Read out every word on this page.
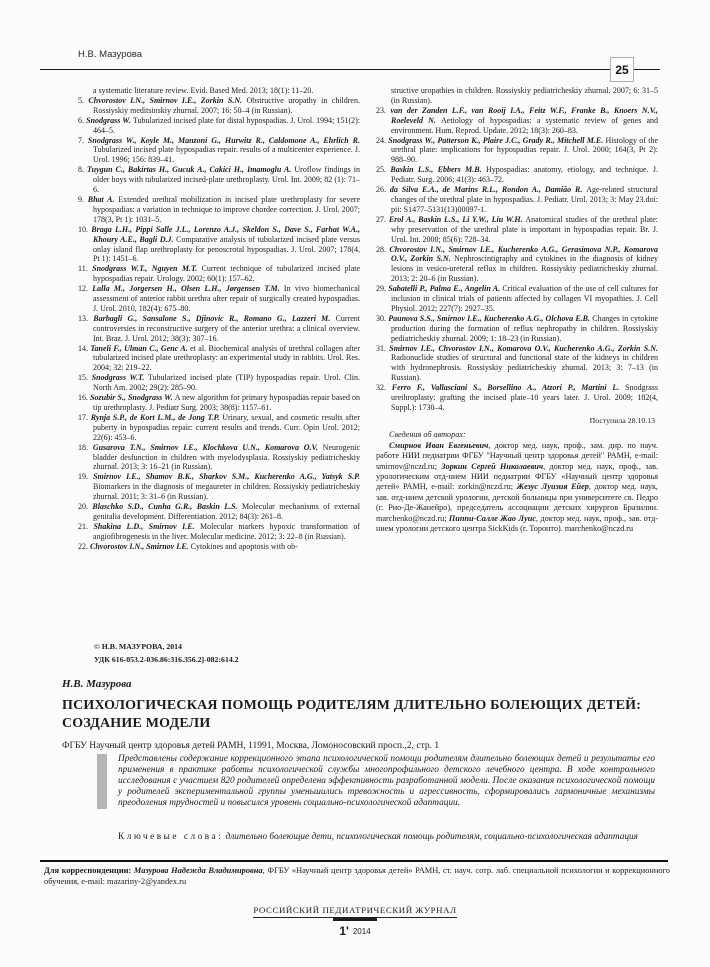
Н.В. Мазурова
25
a systematic literature review. Evid. Based Med. 2013; 18(1): 11–20.
5. Chvorostov I.N., Smirnov I.E., Zorkin S.N. Obstructive uropathy in children. Rossiyskiy meditsinskiy zhurnal. 2007; 16: 50–4 (in Russian).
6. Snodgrass W. Tubularized incised plate for distal hypospadias. J. Urol. 1994; 151(2): 464–5.
7. Snodgrass W., Koyle M., Manzoni G., Hurwitz R., Caldomone A., Ehrlich R. Tubularized incised plate hypospadias repair. results of a multicenter experience. J. Urol. 1996; 156: 839–41.
8. Tuygun C., Bakirtas H., Gucuk A., Cakici H., Imamoglu A. Uroflow findings in older boys with tubularized incised-plate urethroplasty. Urol. Int. 2009; 82 (1): 71–6.
9. Bhat A. Extended urethral mobilization in incised plate urethroplasty for severe hypospadias: a variation in technique to improve chordee correction. J. Urol. 2007; 178(3, Pt 1): 1031–5.
10. Braga L.H., Pippi Salle J.L., Lorenzo A.J., Skeldon S., Dave S., Farhat W.A., Khoury A.E., Bagli D.J. Comparative analysis of tubularized incised plate versus onlay island flap urethroplasty for penoscrotal hypospadias. J. Urol. 2007; 178(4, Pt 1): 1451–6.
11. Snodgrass W.T., Nguyen M.T. Current technique of tubularized incised plate hypospadias repair. Urology. 2002; 60(1): 157–62.
12. Lalla M., Jorgersen H., Olsen L.H., Jørgensen T.M. In vivo biomechanical assessment of anterior rabbit urethra after repair of surgically created hypospadias. J. Urol. 2010, 182(4): 675–80.
13. Barbagli G., Sansalone S., Djinovic R., Romano G., Lazzeri M. Current controversies in reconstructive surgery of the anterior urethra: a clinical overview. Int. Braz. J. Urol. 2012; 38(3): 307–16.
14. Taneli F., Ulman C., Genc A. et al. Biochemical analysis of urethral collagen after tubularized incised plate urethroplasty: an experimental study in rabbits. Urol. Res. 2004; 32: 219–22.
15. Snodgrass W.T. Tubularized incised plate (TIP) hypospadias repair. Urol. Clin. North Am. 2002; 29(2): 285–90.
16. Sozubir S., Snodgrass W. A new algorithm for primary hypospadias repair based on tip urethroplasty. J. Pediatr Surg. 2003; 38(8): 1157–61.
17. Rynja S.P., de Kort L.M., de Jong T.P. Urinary, sexual, and cosmetic results after puberty in hypospadias repair: current results and trends. Curr. Opin Urol. 2012; 22(6): 453–6.
18. Gusarova T.N., Smirnov I.E., Klochkova U.N., Komarova O.V. Neurogenic bladder desfunction in children with myelodysplasia. Rossiyskiy pediatricheskiy zhurnal. 2013; 3: 16–21 (in Russian).
19. Smirnov I.E., Shamov B.K., Sharkov S.M., Kucherenko A.G., Yatsyk S.P. Biomarkers in the diagnosis of megaureter in children. Rossiyskiy pediatricheskiy zhurnal. 2011; 3: 31–6 (in Russian).
20. Blaschko S.D., Cunha G.R., Baskin L.S. Molecular mechanisms of external genitalia development. Differentiation. 2012; 84(3): 261–8.
21. Shakina L.D., Smirnov I.E. Molecular markers hypoxic transformation of angiofibrogenesis in the liver. Molecular medicine. 2012; 3: 22–8 (in Russian).
22. Chvorostov I.N., Smirnov I.E. Cytokines and apoptosis with ob-
structive uropathies in children. Rossiyskiy pediatricheskiy zhurnal. 2007; 6: 31–5 (in Russian).
23. van der Zanden L.F., van Rooij I.A., Feitz W.F., Franke B., Knoers N.V., Roeleveld N. Aetiology of hypospadias: a systematic review of genes and environment. Hum. Reprod. Update. 2012; 18(3): 260–83.
24. Snodgrass W., Patterson K., Plaire J.C., Grady R., Mitchell M.E. Histology of the urethral plate: implications for hypospadias repair. J. Urol. 2000; 164(3, Pt 2): 988–90.
25. Baskin L.S., Ebbers M.B. Hypospadias: anatomy, etiology, and technique. J. Pediatr. Surg. 2006; 41(3): 463–72.
26. da Silva E.A., de Marins R.L., Rondon A., Damião R. Age-related structural changes of the urethral plate in hypospadias. J. Pediatr. Urol. 2013; 3: May 23.doi: pii: S1477–5131(13)00097-1.
27. Erol A., Baskin L.S., Li Y.W., Liu W.H. Anatomical studies of the urethral plate: why preservation of the urethral plate is important in hypospadias repair. Br. J. Urol. Int. 2000; 85(6): 728–34.
28. Chvorostov I.N., Smirnov I.E., Kucherenko A.G., Gerasimova N.P., Komarova O.V., Zorkin S.N. Nephroscintigraphy and cytokines in the diagnosis of kidney lesions in vesico-ureteral reflux in children. Rossiyskiy pediatricheskiy zhurnal. 2013; 2: 20–6 (in Russian).
29. Sabatelli P., Palma E., Angelin A. Critical evaluation of the use of cell cultures for inclusion in clinical trials of patients affected by collagen VI myopathies. J. Cell Physiol. 2012; 227(7): 2927–35.
30. Paunova S.S., Smirnov I.E., Kucherenko A.G., Olchova E.B. Changes in cytokine production during the formation of reflux nephropathy in children. Rossiyskiy pediatricheskiy zhurnal. 2009; 1: 18–23 (in Russian).
31. Smirnov I.E., Chvorostov I.N., Komarova O.V., Kucherenko A.G., Zorkin S.N. Radionuclide studies of structural and functional state of the kidneys in children with hydronephrosis. Rossiyskiy pediatricheskiy zhurnal. 2013; 3: 7–13 (in Russian).
32. Ferro F., Vallasciani S., Borsellino A., Atzori P., Martini L. Snodgrass urethroplasty: grafting the incised plate–10 years later. J. Urol. 2009; 182(4, Suppl.): 1730–4.
Поступила 28.10.13
Сведения об авторах:
Смирнов Иван Евгеньевич, доктор мед. наук, проф., зам. дир. по науч. работе НИИ педиатрии ФГБУ "Научный центр здоровья детей" РАМН, e-mail: smirnov@nczd.ru; Зоркин Сергей Николаевич, доктор мед. наук, проф., зав. урологическим отд-нием НИИ педиатрии ФГБУ «Научный центр здоровья детей» РАМН, e-mail: zorkin@nczd.ru; Жезус Луизия Ейер, доктор мед. наук, зав. отд-нием детской урологии, детской больницы при университете св. Педро (г. Рио-Де-Жанейро), председатель ассоциации детских хирургов Бразилии. marchenko@nczd.ru; Пиппи-Салле Жао Луис, доктор мед. наук, проф., зав. отд-нием урологии детского центра SickKids (г. Торонто). marchenko@nczd.ru
© Н.В. МАЗУРОВА, 2014
УДК 616-053.2-036.86:316.356.2]-082:614.2
Н.В. Мазурова
ПСИХОЛОГИЧЕСКАЯ ПОМОЩЬ РОДИТЕЛЯМ ДЛИТЕЛЬНО БОЛЕЮЩИХ ДЕТЕЙ: СОЗДАНИЕ МОДЕЛИ
ФГБУ Научный центр здоровья детей РАМН, 11991, Москва, Ломоносовский просп.,2, стр. 1
Представлены содержание коррекционного этапа психологической помощи родителям длительно болеющих детей и результаты его применения в практике работы психологической службы многопрофильного детского лечебного центра. В ходе контрольного исследования с участием 820 родителей определена эффективность разработанной модели. После оказания психологической помощи у родителей экспериментальной группы уменьшились тревожность и агрессивность, сформировались гармоничные механизмы преодоления трудностей и повысился уровень социально-психологической адаптации.
Ключевые слова: длительно болеющие дети, психологическая помощь родителям, социально-психологическая адаптация
Для корреспонденции: Мазурова Надежда Владимировна, ФГБУ «Научный центр здоровья детей» РАМН, ст. науч. сотр. лаб. специальной психологии и коррекционного обучения, e-mail: mazariny-2@yandex.ru
РОССИЙСКИЙ ПЕДИАТРИЧЕСКИЙ ЖУРНАЛ
1' 2014
